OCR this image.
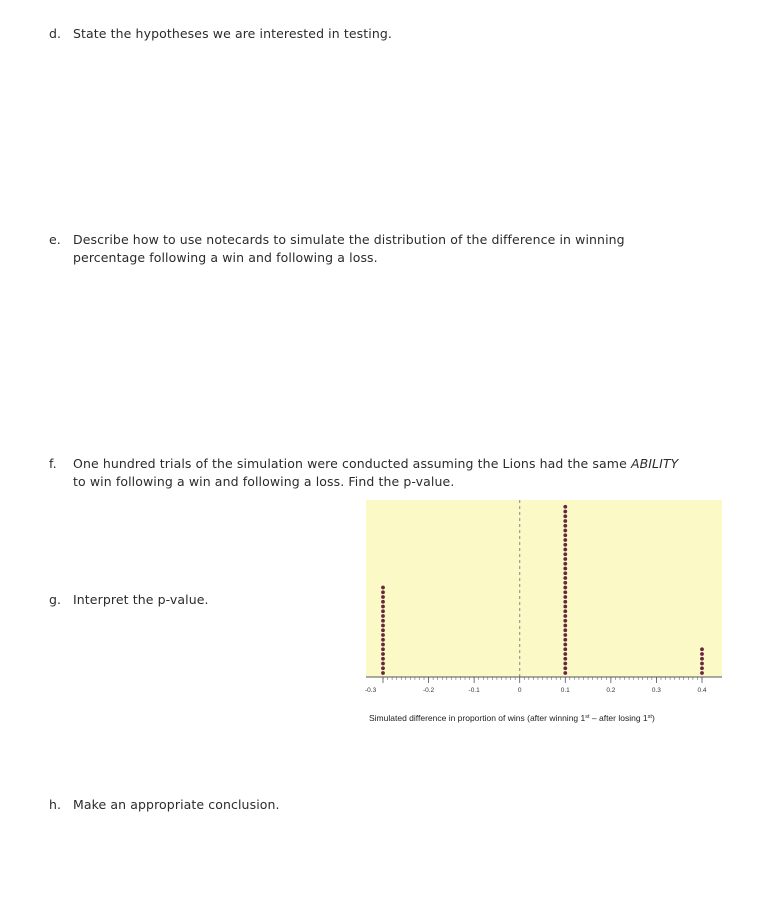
d. State the hypotheses we are interested in testing.
e. Describe how to use notecards to simulate the distribution of the difference in winning
percentage following a win and following a loss.
f. One hundred trials of the simulation were conducted assuming the Lions had the same ABILITY
to win following a win and following a loss. Find the p-value.
g. Interpret the p-value.
h. Make an appropriate conclusion.
-0.3	-0.2	-0.1	0	0.1	0.2	0.3	0.4
Simulated difference in proportion of wins (after winning 1st – after losing 1st)
